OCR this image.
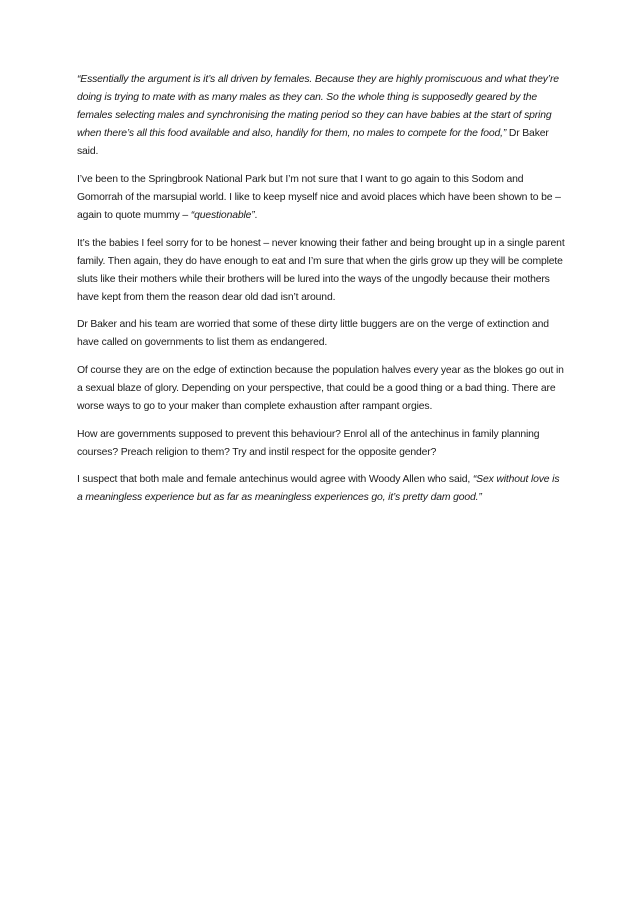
“Essentially the argument is it’s all driven by females. Because they are highly promiscuous and what they’re doing is trying to mate with as many males as they can. So the whole thing is supposedly geared by the females selecting males and synchronising the mating period so they can have babies at the start of spring when there’s all this food available and also, handily for them, no males to compete for the food,” Dr Baker said.

I’ve been to the Springbrook National Park but I’m not sure that I want to go again to this Sodom and Gomorrah of the marsupial world. I like to keep myself nice and avoid places which have been shown to be – again to quote mummy – “questionable”.

It’s the babies I feel sorry for to be honest – never knowing their father and being brought up in a single parent family. Then again, they do have enough to eat and I’m sure that when the girls grow up they will be complete sluts like their mothers while their brothers will be lured into the ways of the ungodly because their mothers have kept from them the reason dear old dad isn’t around.

Dr Baker and his team are worried that some of these dirty little buggers are on the verge of extinction and have called on governments to list them as endangered.

Of course they are on the edge of extinction because the population halves every year as the blokes go out in a sexual blaze of glory. Depending on your perspective, that could be a good thing or a bad thing. There are worse ways to go to your maker than complete exhaustion after rampant orgies.

How are governments supposed to prevent this behaviour? Enrol all of the antechinus in family planning courses? Preach religion to them? Try and instil respect for the opposite gender?

I suspect that both male and female antechinus would agree with Woody Allen who said, “Sex without love is a meaningless experience but as far as meaningless experiences go, it’s pretty dam good.”
